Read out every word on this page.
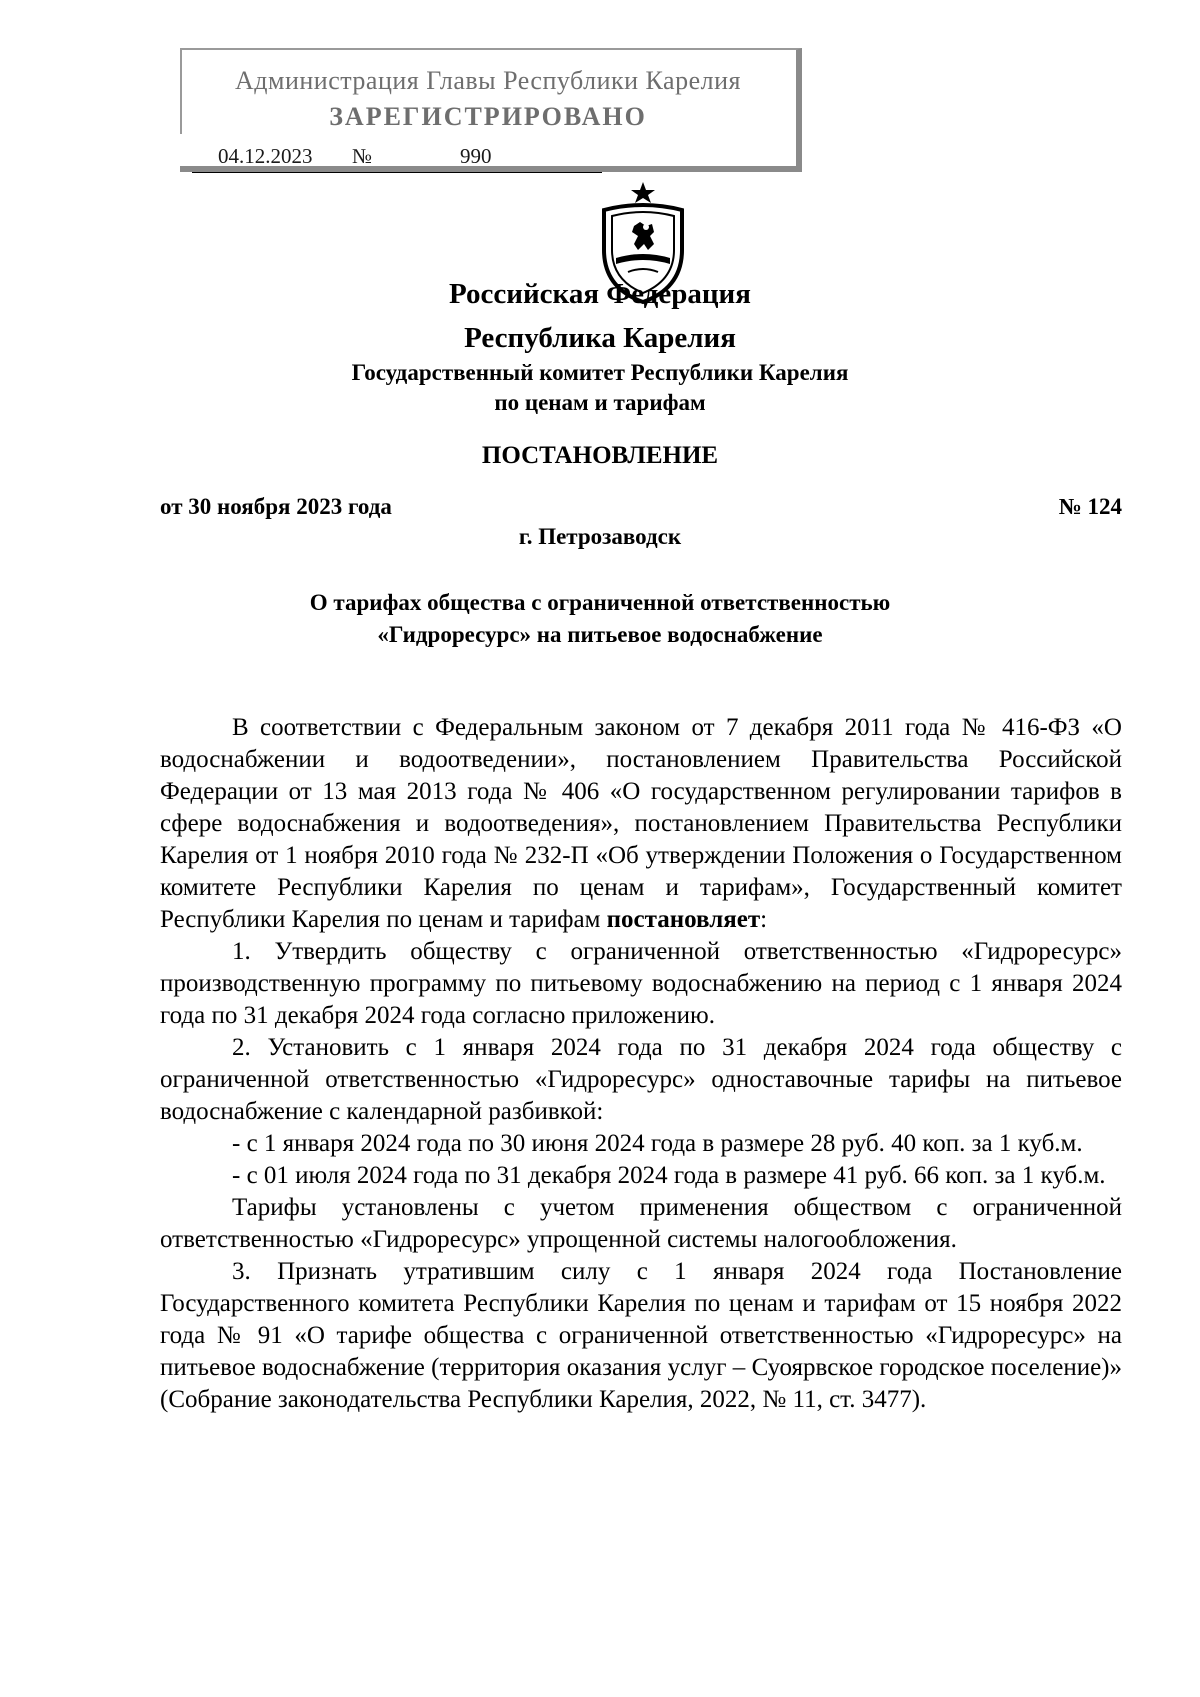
Администрация Главы Республики Карелия
ЗАРЕГИСТРИРОВАНО
04.12.2023 №	990
Российская Федерация
Республика Карелия
Государственный комитет Республики Карелия
по ценам и тарифам
ПОСТАНОВЛЕНИЕ
от 30 ноября 2023 года	№ 124
г. Петрозаводск
О тарифах общества с ограниченной ответственностью
«Гидроресурс» на питьевое водоснабжение

В соответствии с Федеральным законом от 7 декабря 2011 года № 416-ФЗ «О водоснабжении и водоотведении», постановлением Правительства Российской Федерации от 13 мая 2013 года № 406 «О государственном регулировании тарифов в сфере водоснабжения и водоотведения», постановлением Правительства Республики Карелия от 1 ноября 2010 года № 232-П «Об утверждении Положения о Государственном комитете Республики Карелия по ценам и тарифам», Государственный комитет Республики Карелия по ценам и тарифам постановляет:

1. Утвердить обществу с ограниченной ответственностью «Гидроресурс» производственную программу по питьевому водоснабжению на период с 1 января 2024 года по 31 декабря 2024 года согласно приложению.

2. Установить с 1 января 2024 года по 31 декабря 2024 года обществу с ограниченной ответственностью «Гидроресурс» одноставочные тарифы на питьевое водоснабжение с календарной разбивкой:

- с 1 января 2024 года по 30 июня 2024 года в размере 28 руб. 40 коп. за 1 куб.м.

- с 01 июля 2024 года по 31 декабря 2024 года в размере 41 руб. 66 коп. за 1 куб.м.

Тарифы установлены с учетом применения обществом с ограниченной ответственностью «Гидроресурс» упрощенной системы налогообложения.

3. Признать утратившим силу с 1 января 2024 года Постановление Государственного комитета Республики Карелия по ценам и тарифам от 15 ноября 2022 года № 91 «О тарифе общества с ограниченной ответственностью «Гидроресурс» на питьевое водоснабжение (территория оказания услуг – Суоярвское городское поселение)» (Собрание законодательства Республики Карелия, 2022, № 11, ст. 3477).
